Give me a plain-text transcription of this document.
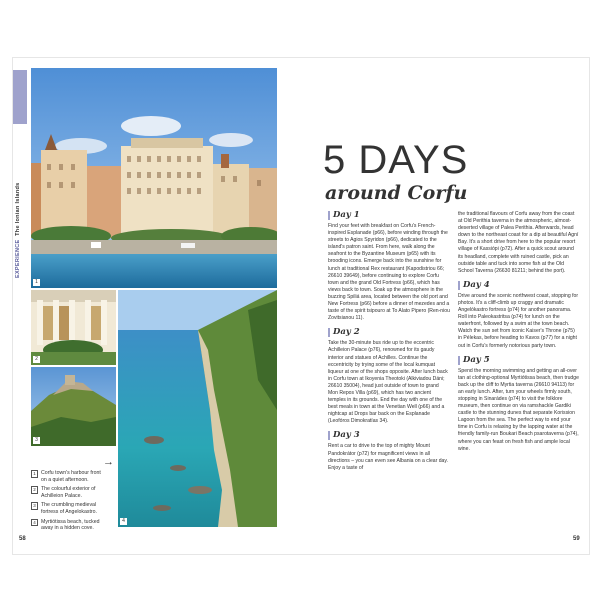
EXPERIENCE  The Ionian Islands
1
2
3
4
→
1	Corfu town's harbour front on a quiet afternoon.
2	The colourful exterior of Achilleion Palace.
3	The crumbling medieval fortress of Angelokastro.
4	Myrtiótissa beach, tucked away in a hidden cove.
5 DAYS
around Corfu
Day 1

Find your feet with breakfast on Corfu's French-inspired Esplanade (p66), before winding through the streets to Agios Spyridon (p66), dedicated to the island's patron saint. From here, walk along the seafront to the Byzantine Museum (p65) with its brooding icons. Emerge back into the sunshine for lunch at traditional Rex restaurant (Kapodistriou 66; 26610 39649), before continuing to explore Corfu town and the grand Old Fortress (p66), which has views back to town. Soak up the atmosphere in the buzzing Spiliá area, located between the old port and New Fortress (p66) before a dinner of mezedes and a taste of the spirit tsipouro at To Alato Pipero (Ren-niou Zovitsianou 11).

Day 2

Take the 30-minute bus ride up to the eccentric Achilleion Palace (p76), renowned for its gaudy interior and statues of Achilles. Continue the eccentricity by trying some of the local kumquat liqueur at one of the shops opposite. After lunch back in Corfu town at Ikoyenia Theotoki (Alkiviadou Dáni; 26610 35004), head just outside of town to grand Mon Repos Villa (p69), which has two ancient temples in its grounds. End the day with one of the best meals in town at the Venetian Well (p66) and a nightcap at Drops bar back on the Esplanade (Leofóros Dimokratías 34).

Day 3

Rent a car to drive to the top of mighty Mount Pandokrátor (p72) for magnificent views in all directions – you can even see Albania on a clear day. Enjoy a taste of

the traditional flavours of Corfu away from the coast at Old Perithia taverna in the atmospheric, almost-deserted village of Palea Perithia. Afterwards, head down to the northeast coast for a dip at beautiful Agní Bay. It's a short drive from here to the popular resort village of Kassiópi (p72). After a quick scout around its headland, complete with ruined castle, pick an outside table and tuck into some fish at the Old School Taverna (26630 81211; behind the port).

Day 4

Drive around the scenic northwest coast, stopping for photos. It's a cliff-climb up craggy and dramatic Angelókastro fortress (p74) for another panorama. Roll into Paleokastritsa (p74) for lunch on the waterfront, followed by a swim at the town beach. Watch the sun set from iconic Kaiser's Throne (p75) in Pélekas, before heading to Kavos (p77) for a night out in Corfu's formerly notorious party town.

Day 5

Spend the morning swimming and getting an all-over tan at clothing-optional Myrtiótissa beach, then trudge back up the cliff to Myrtia taverna (26610 94113) for an early lunch. After, turn your wheels firmly south, stopping in Sinarádes (p74) to visit the folklore museum, then continue on via ramshackle Gardiki castle to the stunning dunes that separate Korission Lagoon from the sea. The perfect way to end your time in Corfu is relaxing by the lapping water at the friendly family-run Boukari Beach psarotaverna (p74), where you can feast on fresh fish and ample local wine.

58	59
